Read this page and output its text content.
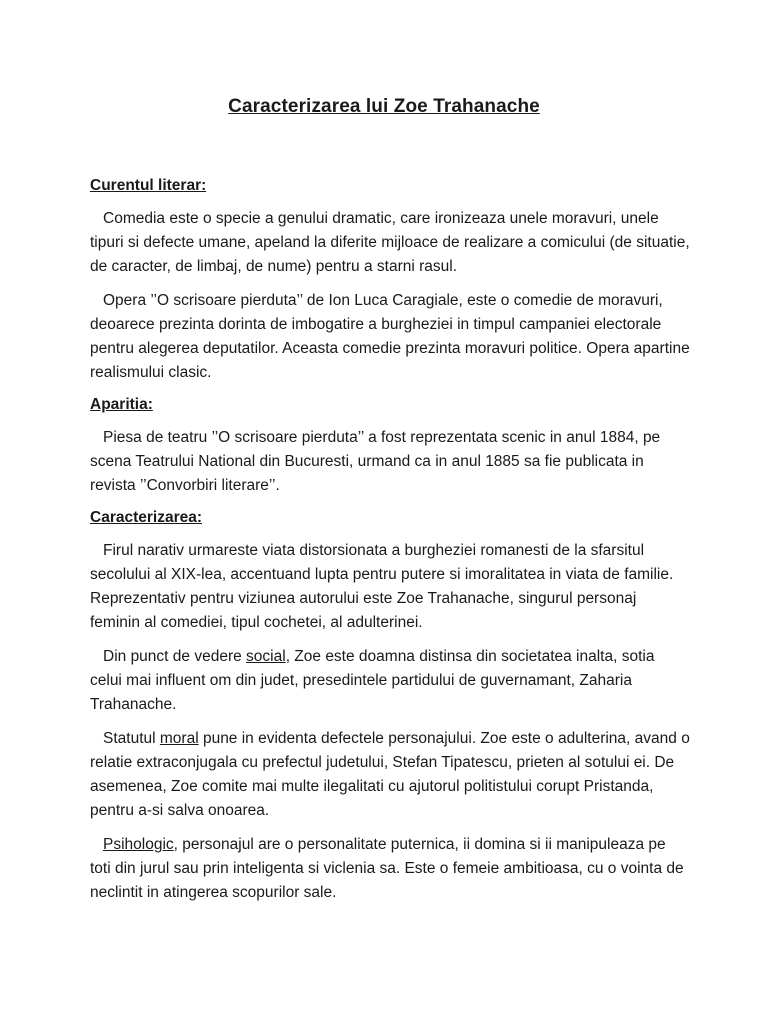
Caracterizarea lui Zoe Trahanache
Curentul literar:

Comedia este o specie a genului dramatic, care ironizeaza unele moravuri, unele tipuri si defecte umane, apeland la diferite mijloace de realizare a comicului (de situatie, de caracter, de limbaj, de nume) pentru a starni rasul.

Opera ’’O scrisoare pierduta’’ de Ion Luca Caragiale, este o comedie de moravuri, deoarece prezinta dorinta de imbogatire a burgheziei in timpul campaniei electorale pentru alegerea deputatilor. Aceasta comedie prezinta moravuri politice. Opera apartine realismului clasic.

Aparitia:

Piesa de teatru ’’O scrisoare pierduta’’ a fost reprezentata scenic in anul 1884, pe scena Teatrului National din Bucuresti, urmand ca in anul 1885 sa fie publicata in revista ’’Convorbiri literare’’.

Caracterizarea:

Firul narativ urmareste viata distorsionata a burgheziei romanesti de la sfarsitul secolului al XIX-lea, accentuand lupta pentru putere si imoralitatea in viata de familie. Reprezentativ pentru viziunea autorului este Zoe Trahanache, singurul personaj feminin al comediei, tipul cochetei, al adulterinei.

Din punct de vedere social, Zoe este doamna distinsa din societatea inalta, sotia celui mai influent om din judet, presedintele partidului de guvernamant, Zaharia Trahanache.

Statutul moral pune in evidenta defectele personajului. Zoe este o adulterina, avand o relatie extraconjugala cu prefectul judetului, Stefan Tipatescu, prieten al sotului ei. De asemenea, Zoe comite mai multe ilegalitati cu ajutorul politistului corupt Pristanda, pentru a-si salva onoarea.

Psihologic, personajul are o personalitate puternica, ii domina si ii manipuleaza pe toti din jurul sau prin inteligenta si viclenia sa. Este o femeie ambitioasa, cu o vointa de neclintit in atingerea scopurilor sale.
